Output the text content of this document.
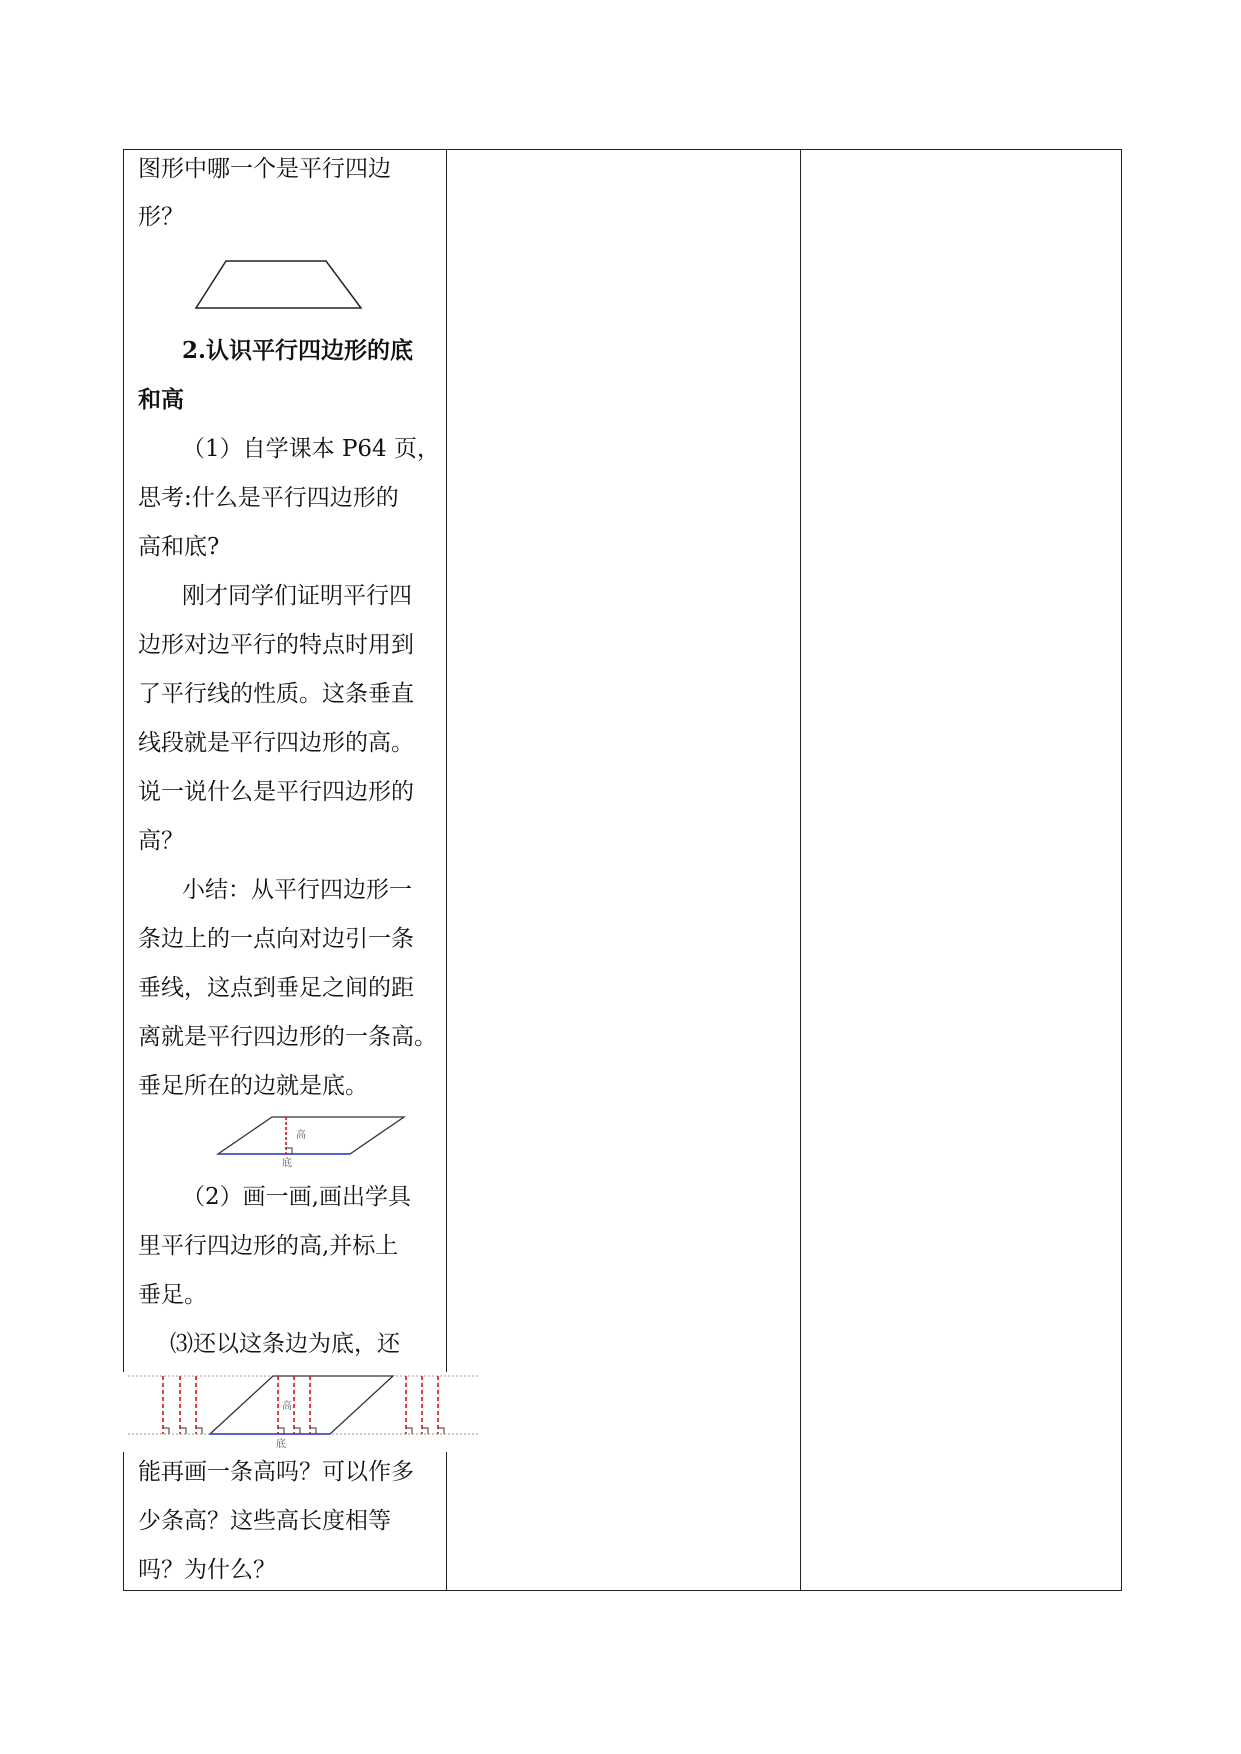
图形中哪一个是平行四边
形？
2.认识平行四边形的底
和高
（1）自学课本 P64 页，
思考:什么是平行四边形的
高和底?
刚才同学们证明平行四
边形对边平行的特点时用到
了平行线的性质。这条垂直
线段就是平行四边形的高。
说一说什么是平行四边形的
高？
小结：从平行四边形一
条边上的一点向对边引一条
垂线，这点到垂足之间的距
离就是平行四边形的一条高。
垂足所在的边就是底。
高
底
（2）画一画,画出学具
里平行四边形的高,并标上
垂足。
⑶还以这条边为底，还
能再画一条高吗？可以作多
少条高？这些高长度相等
吗？为什么？
高
底
